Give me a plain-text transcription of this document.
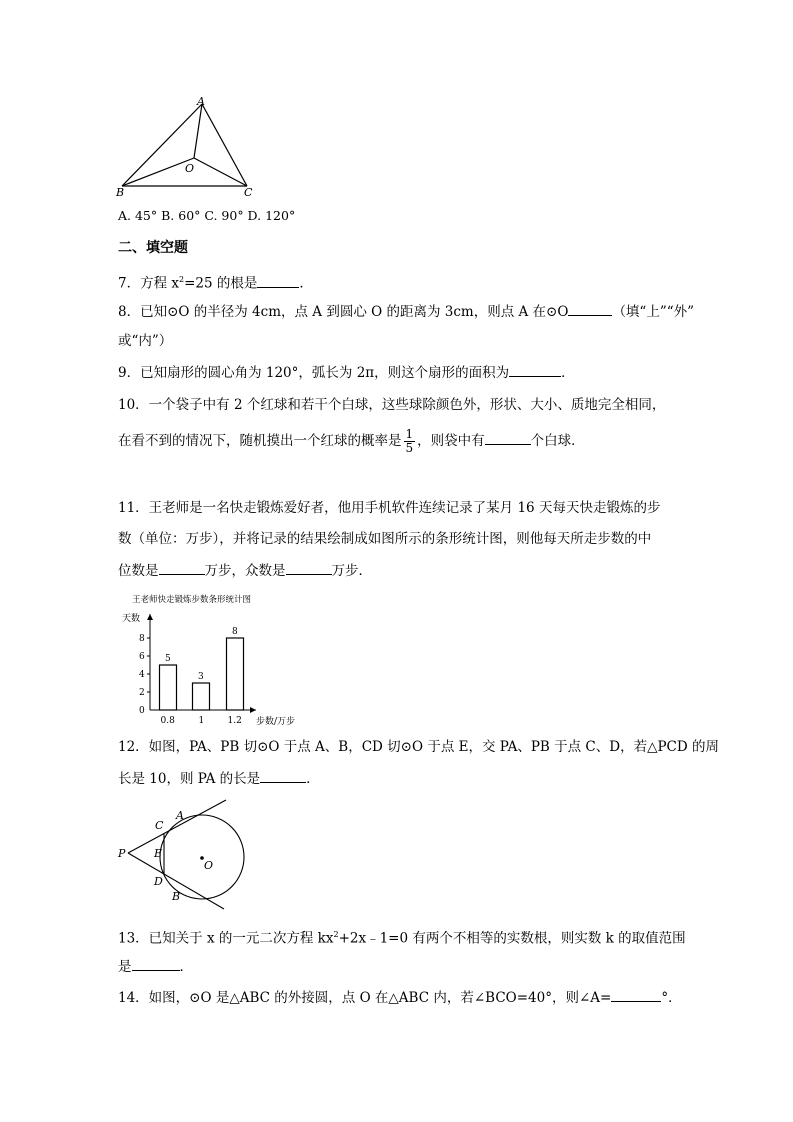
A
B	C
O
A. 45° B. 60° C. 90° D. 120°
二、填空题
7．方程 $x^2=25$ 的根是	．
8．已知⊙O 的半径为 4cm，点 A 到圆心 O 的距离为 3cm，则点 A 在⊙O	（填“上”“外”
或“内”）
9．已知扇形的圆心角为 120°，弧长为 2π，则这个扇形的面积为	．
10．一个袋子中有 2 个红球和若干个白球，这些球除颜色外，形状、大小、质地完全相同，
在看不到的情况下，随机摸出一个红球的概率是 $\frac{1}{5}$ ，则袋中有	个白球．
11．王老师是一名快走锻炼爱好者，他用手机软件连续记录了某月 16 天每天快走锻炼的步
数（单位：万步），并将记录的结果绘制成如图所示的条形统计图，则他每天所走步数的中
位数是	万步，众数是	万步．
王老师快走锻炼步数条形统计图
天数
步数/万步
0
2
4
6
8
5
0.8
3
1
8
1.2
12．如图，PA、PB 切⊙O 于点 A、B，CD 切⊙O 于点 E，交 PA、PB 于点 C、D，若△PCD 的周
长是 10，则 PA 的长是	．
P
A
B
C
D
E
O
13．已知关于 x 的一元二次方程 $kx^2+2x﹣1=0$ 有两个不相等的实数根，则实数 k 的取值范围
是	．
14．如图，⊙O 是△ABC 的外接圆，点 O 在△ABC 内，若∠BCO=40°，则∠A=	°．
